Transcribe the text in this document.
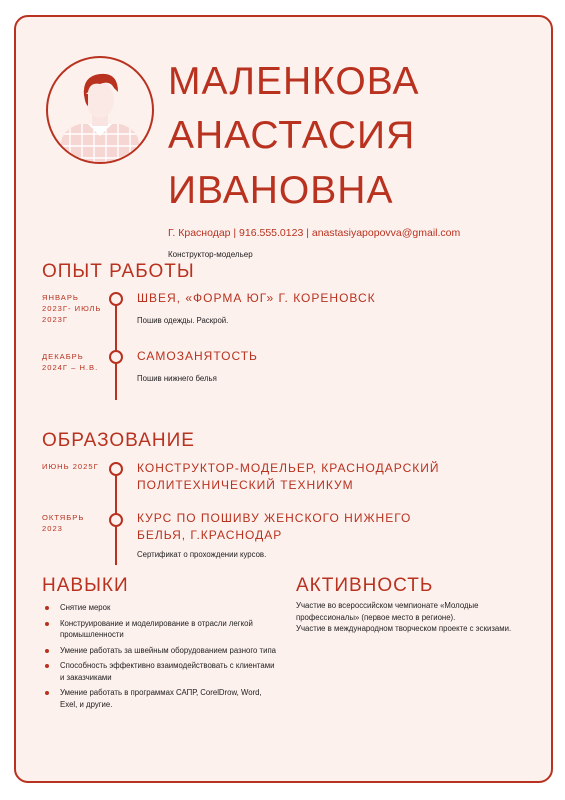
МАЛЕНКОВА
АНАСТАСИЯ
ИВАНОВНА
Г. Краснодар | 916.555.0123 | anastasiyapopovva@gmail.com
Конструктор-модельер
ОПЫТ РАБОТЫ
ЯНВАРЬ 2023Г- ИЮЛЬ 2023Г
ШВЕЯ, «ФОРМА ЮГ» Г. КОРЕНОВСК
Пошив одежды. Раскрой.
ДЕКАБРЬ 2024Г – Н.В.
САМОЗАНЯТОСТЬ
Пошив нижнего белья
ОБРАЗОВАНИЕ
ИЮНЬ 2025Г	КОНСТРУКТОР-МОДЕЛЬЕР, КРАСНОДАРСКИЙ ПОЛИТЕХНИЧЕСКИЙ ТЕХНИКУМ
ОКТЯБРЬ 2023
КУРС ПО ПОШИВУ ЖЕНСКОГО НИЖНЕГО БЕЛЬЯ, Г.КРАСНОДАР
Сертификат о прохождении курсов.
НАВЫКИ
Снятие мерок
Конструирование и моделирование в отрасли легкой промышленности
Умение работать за швейным оборудованием разного типа
Способность эффективно взаимодействовать с клиентами и заказчиками
Умение работать в программах САПР, CorelDrow, Word, Exel, и другие.
АКТИВНОСТЬ
Участие во всероссийском чемпионате «Молодые профессионалы» (первое место в регионе).
Участие в международном творческом проекте с эскизами.
